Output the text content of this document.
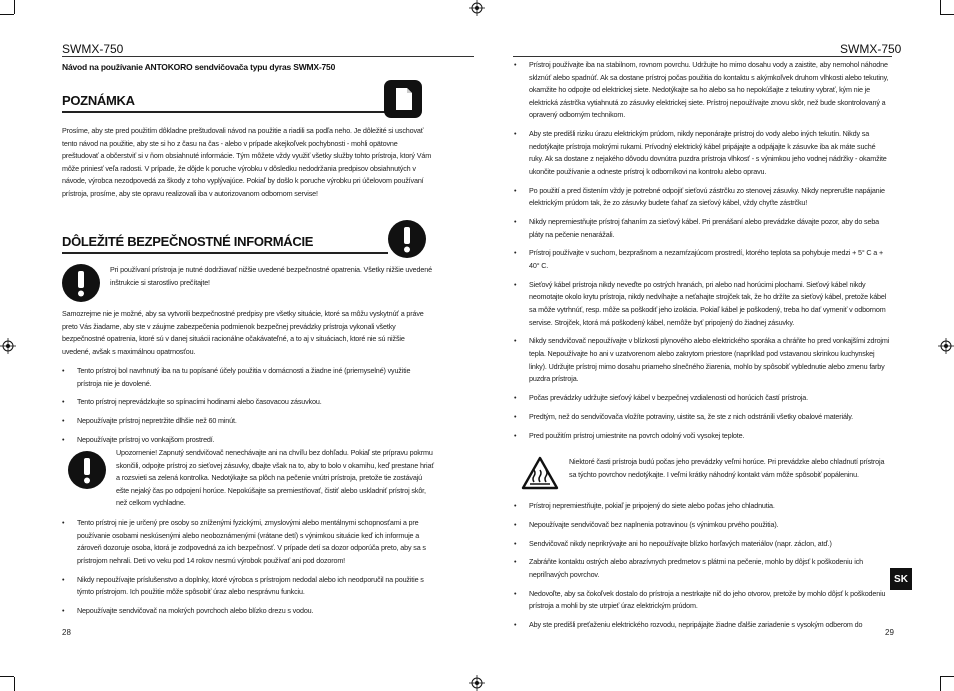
SWMX-750
Návod na používanie ANTOKORO sendvičovača typu dyras SWMX-750
POZNÁMKA
Prosíme, aby ste pred použitím dôkladne preštudovali návod na použitie a riadili sa podľa neho. Je dôležité si uschovať tento návod na použitie, aby ste si ho z času na čas - alebo v prípade akejkoľvek pochybnosti - mohli opätovne preštudovať a občerstviť si v ňom obsiahnuté informácie. Tým môžete vždy využiť všetky služby tohto prístroja, ktorý Vám môže priniesť veľa radosti. V prípade, že dôjde k poruche výrobku v dôsledku nedodržania predpisov obsiahnutých v návode, výrobca nezodpovedá za škody z toho vyplývajúce. Pokiaľ by došlo k poruche výrobku pri účelovom používaní prístroja, prosíme, aby ste opravu realizovali iba v autorizovanom odbornom servise!
DÔLEŽITÉ BEZPEČNOSTNÉ INFORMÁCIE
Pri používaní prístroja je nutné dodržiavať nižšie uvedené bezpečnostné opatrenia. Všetky nižšie uvedené inštrukcie si starostlivo prečítajte!
Samozrejme nie je možné, aby sa vytvorili bezpečnostné predpisy pre všetky situácie, ktoré sa môžu vyskytnúť a práve preto Vás žiadame, aby ste v záujme zabezpečenia podmienok bezpečnej prevádzky prístroja vykonali všetky bezpečnostné opatrenia, ktoré sú v danej situácii racionálne očakávateľné, a to aj v situáciach, ktoré nie sú nižšie uvedené, avšak s maximálnou opatrnosťou.
• Tento prístroj bol navrhnutý iba na tu popísané účely použitia v domácnosti a žiadne iné (priemyselné) využitie prístroja nie je dovolené.
• Tento prístroj neprevádzkujte so spínacími hodinami alebo časovacou zásuvkou.
• Nepoužívajte prístroj nepretržite dlhšie než 60 minút.
• Nepoužívajte prístroj vo vonkajšom prostredí.
Upozornenie! Zapnutý sendvičovač nenechávajte ani na chvíľu bez dohľadu. Pokiaľ ste prípravu pokrmu skončili, odpojte prístroj zo sieťovej zásuvky, dbajte však na to, aby to bolo v okamihu, keď prestane hriať a rozsvieti sa zelená kontrolka. Nedotýkajte sa plôch na pečenie vnútri prístroja, pretože tie zostávajú ešte nejaký čas po odpojení horúce. Nepokúšajte sa premiestňovať, čistiť alebo uskladniť prístroj skôr, než celkom vychladne.
• Tento prístroj nie je určený pre osoby so zníženými fyzickými, zmyslovými alebo mentálnymi schopnosťami a pre používanie osobami neskúsenými alebo neoboznámenými (vrátane detí) s výnimkou situácie keď ich informuje a zároveň dozoruje osoba, ktorá je zodpovedná za ich bezpečnosť. V prípade detí sa dozor odporúča preto, aby sa s prístrojom nehrali. Deti vo veku pod 14 rokov nesmú výrobok používať ani pod dozorom!
• Nikdy nepoužívajte príslušenstvo a doplnky, ktoré výrobca s prístrojom nedodal alebo ich neodporučil na použitie s týmto prístrojom. Ich použitie môže spôsobiť úraz alebo nesprávnu funkciu.
• Nepoužívajte sendvičovač na mokrých povrchoch alebo blízko drezu s vodou.
28
SWMX-750
• Prístroj používajte iba na stabilnom, rovnom povrchu. Udržujte ho mimo dosahu vody a zaistite, aby nemohol náhodne sklznúť alebo spadnúť. Ak sa dostane prístroj počas použitia do kontaktu s akýmkoľvek druhom vlhkosti alebo tekutiny, okamžite ho odpojte od elektrickej siete. Nedotýkajte sa ho alebo sa ho nepokúšajte z tekutiny vybrať, kým nie je elektrická zástrčka vytiahnutá zo zásuvky elektrickej siete. Prístroj nepoužívajte znovu skôr, než bude skontrolovaný a opravený odborným technikom.
• Aby ste predišli riziku úrazu elektrickým prúdom, nikdy neponárajte prístroj do vody alebo iných tekutín. Nikdy sa nedotýkajte prístroja mokrými rukami. Prívodný elektrický kábel pripájajte a odpájajte k zásuvke iba ak máte suché ruky. Ak sa dostane z nejakého dôvodu dovnútra puzdra prístroja vlhkosť - s výnimkou jeho vodnej nádržky - okamžite ukončite používanie a odneste prístroj k odborníkovi na kontrolu alebo opravu.
• Po použití a pred čistením vždy je potrebné odpojiť sieťovú zástrčku zo stenovej zásuvky. Nikdy neprerušte napájanie elektrickým prúdom tak, že zo zásuvky budete ťahať za sieťový kábel, vždy chyťte zástrčku!
• Nikdy nepremiestňujte prístroj ťahaním za sieťový kábel. Pri prenášaní alebo prevádzke dávajte pozor, aby do seba pláty na pečenie nenarážali.
• Prístroj používajte v suchom, bezprašnom a nezamŕzajúcom prostredí, ktorého teplota sa pohybuje medzi + 5° C a + 40° C.
• Sieťový kábel prístroja nikdy neveďte po ostrých hranách, pri alebo nad horúcimi plochami. Sieťový kábel nikdy neomotajte okolo krytu prístroja, nikdy nedvíhajte a neťahajte strojček tak, že ho držíte za sieťový kábel, pretože kábel sa môže vytrhnúť, resp. môže sa poškodiť jeho izolácia. Pokiaľ kábel je poškodený, treba ho dať vymeniť v odbornom servise. Strojček, ktorá má poškodený kábel, nemôže byť pripojený do žiadnej zásuvky.
• Nikdy sendvičovač nepoužívajte v blízkosti plynového alebo elektrického sporáka a chráňte ho pred vonkajšími zdrojmi tepla. Nepoužívajte ho ani v uzatvorenom alebo zakrytom priestore (napríklad pod vstavanou skrinkou kuchynskej linky). Udržujte prístroj mimo dosahu priameho slnečného žiarenia, mohlo by spôsobiť vyblednutie alebo zmenu farby puzdra prístroja.
• Počas prevádzky udržujte sieťový kábel v bezpečnej vzdialenosti od horúcich častí prístroja.
• Predtým, než do sendvičovača vložíte potraviny, uistite sa, že ste z nich odstránili všetky obalové materiály.
• Pred použitím prístroj umiestnite na povrch odolný voči vysokej teplote.
Niektoré časti prístroja budú počas jeho prevádzky veľmi horúce. Pri prevádzke alebo chladnutí prístroja sa týchto povrchov nedotýkajte. I veľmi krátky náhodný kontakt vám môže spôsobiť popáleninu.
• Prístroj nepremiestňujte, pokiaľ je pripojený do siete alebo počas jeho chladnutia.
• Nepoužívajte sendvičovač bez naplnenia potravinou (s výnimkou prvého použitia).
• Sendvičovač nikdy neprikrývajte ani ho nepoužívajte blízko horľavých materiálov (napr. záclon, atď.)
• Zabráňte kontaktu ostrých alebo abrazívnych predmetov s plátmi na pečenie, mohlo by dôjsť k poškodeniu ich nepriľnavých povrchov.
• Nedovoľte, aby sa čokoľvek dostalo do prístroja a nestrkajte nič do jeho otvorov, pretože by mohlo dôjsť k poškodeniu prístroja a mohli by ste utrpieť úraz elektrickým prúdom.
• Aby ste predišli preťaženiu elektrického rozvodu, nepripájajte žiadne ďalšie zariadenie s vysokým odberom do
29
SK
